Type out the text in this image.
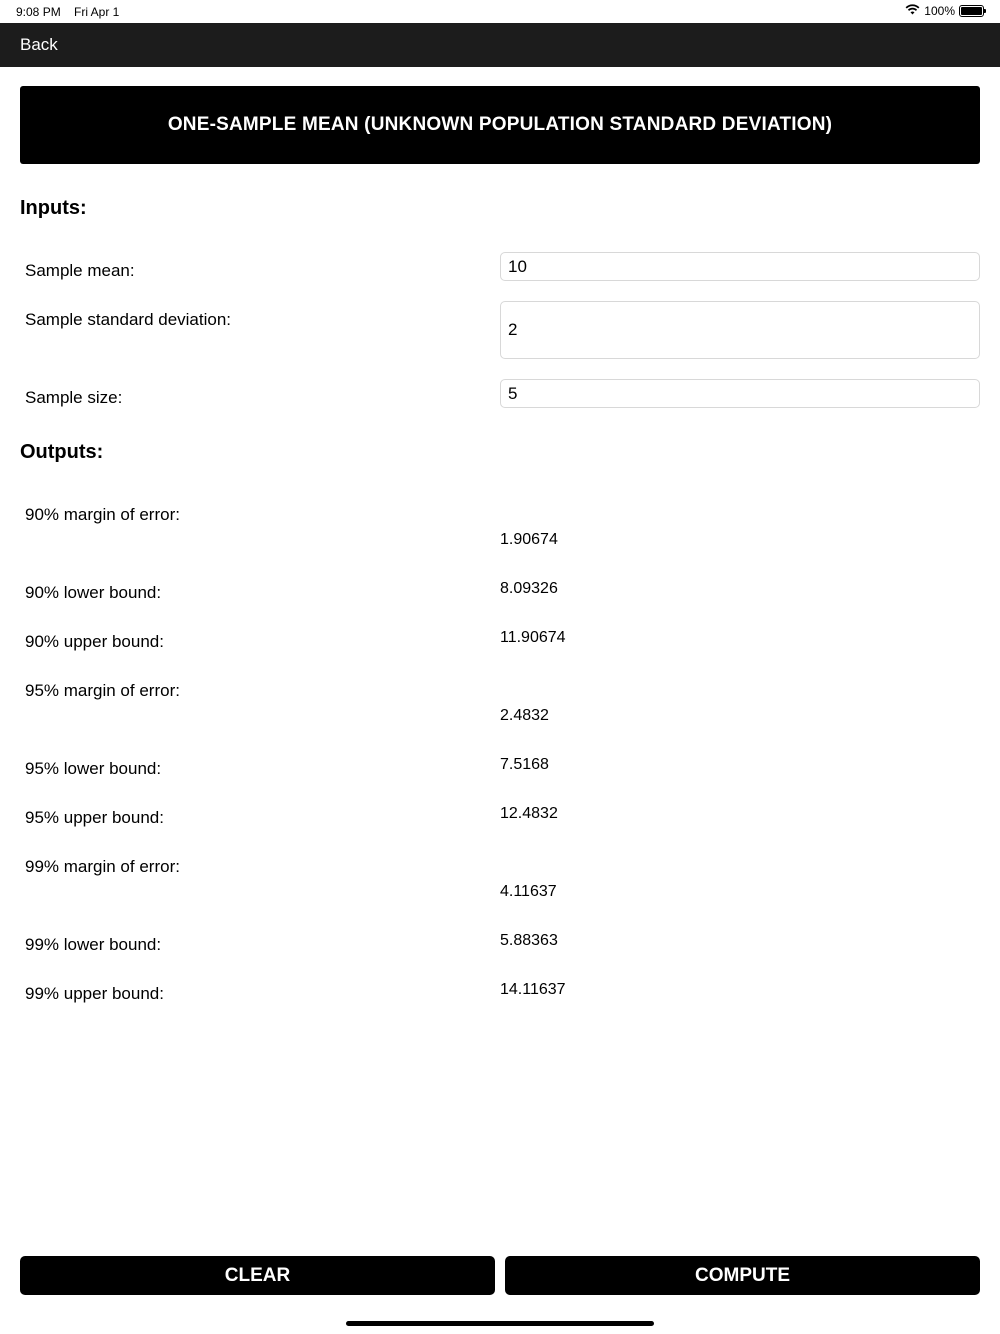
9:08 PM Fri Apr 1	100%
Back
ONE-SAMPLE MEAN (UNKNOWN POPULATION STANDARD DEVIATION)
Inputs:
Sample mean:	10
Sample standard deviation:
2
Sample size:	5
Outputs:
90% margin of error:
1.90674
90% lower bound:	8.09326
90% upper bound:	11.90674
95% margin of error:
2.4832
95% lower bound:	7.5168
95% upper bound:	12.4832
99% margin of error:
4.11637
99% lower bound:	5.88363
99% upper bound:	14.11637
CLEAR	COMPUTE
